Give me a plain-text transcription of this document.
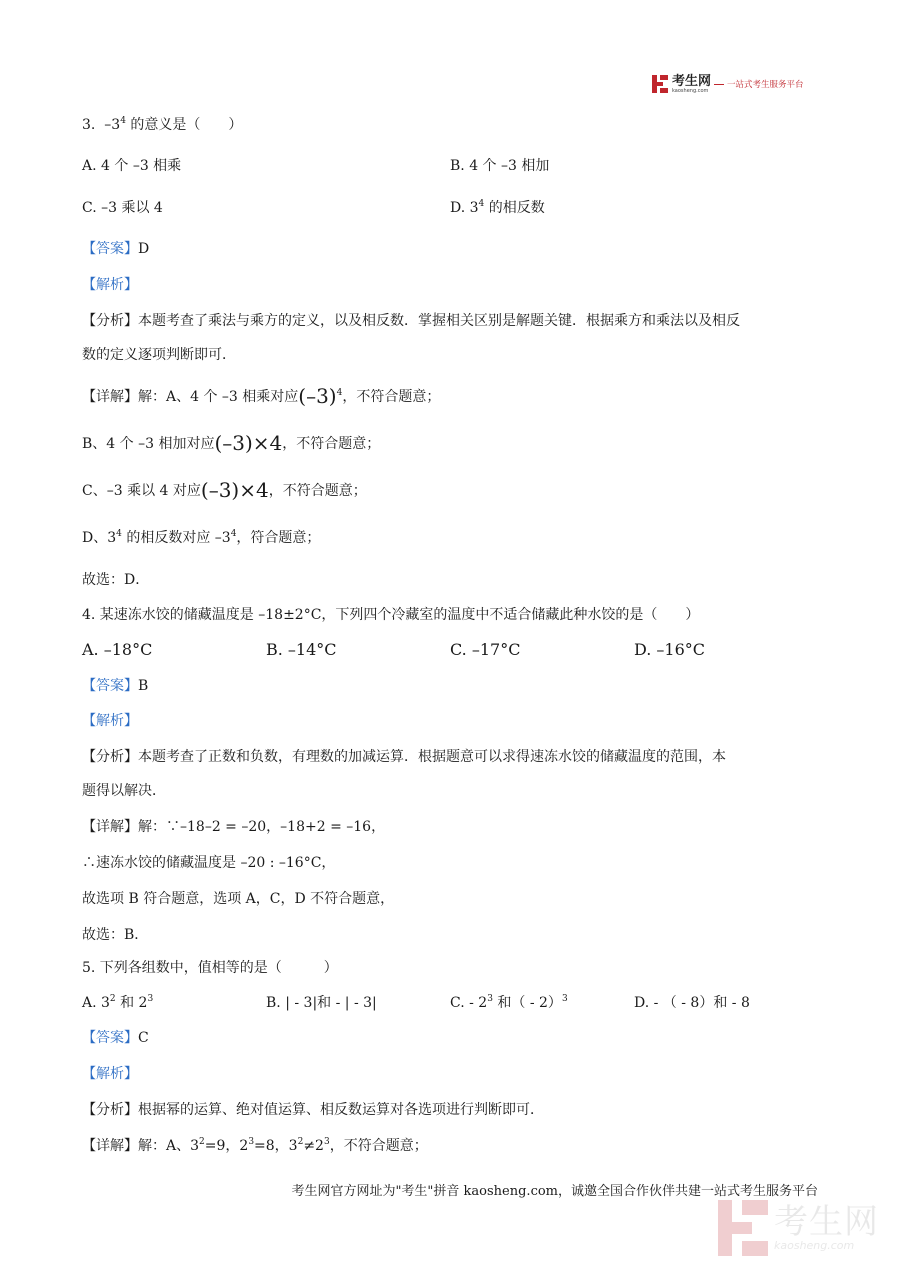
考生网
kaosheng.com
一站式考生服务平台
3. $-3^4$ 的意义是（　　）
A. 4 个 –3 相乘	B. 4 个 –3 相加
C. –3 乘以 4	D. $3^4$ 的相反数
【答案】D
【解析】
【分析】本题考查了乘法与乘方的定义，以及相反数．掌握相关区别是解题关键．根据乘方和乘法以及相反
数的定义逐项判断即可．
【详解】解：A、4 个 –3 相乘对应$(-3)^4$，不符合题意；
B、4 个 –3 相加对应(–3)×4，不符合题意；
C、–3 乘以 4 对应(–3)×4，不符合题意；
D、$3^4$ 的相反数对应 $-3^4$，符合题意；
故选：D．
4. 某速冻水饺的储藏温度是 –18±2°C，下列四个冷藏室的温度中不适合储藏此种水饺的是（　　）
A. –18°C	B. –14°C	C. –17°C	D. –16°C
【答案】B
【解析】
【分析】本题考查了正数和负数，有理数的加减运算．根据题意可以求得速冻水饺的储藏温度的范围，本
题得以解决．
【详解】解：∵–18–2 = –20，–18+2 = –16，
∴速冻水饺的储藏温度是 –20 : –16°C，
故选项 B 符合题意，选项 A，C，D 不符合题意，
故选：B．
5. 下列各组数中，值相等的是（　　　）
A. $3^2$ 和 $2^3$	B. | - 3|和 - | - 3|	C. - $2^3$ 和（ - 2）$^3$	D. - （ - 8）和 - 8
【答案】C
【解析】
【分析】根据幂的运算、绝对值运算、相反数运算对各选项进行判断即可．
【详解】解：A、$3^2=9$，$2^3=8$，$3^2\ne 2^3$，不符合题意；
考生网官方网址为"考生"拼音 kaosheng.com，诚邀全国合作伙伴共建一站式考生服务平台
考生网
kaosheng.com
